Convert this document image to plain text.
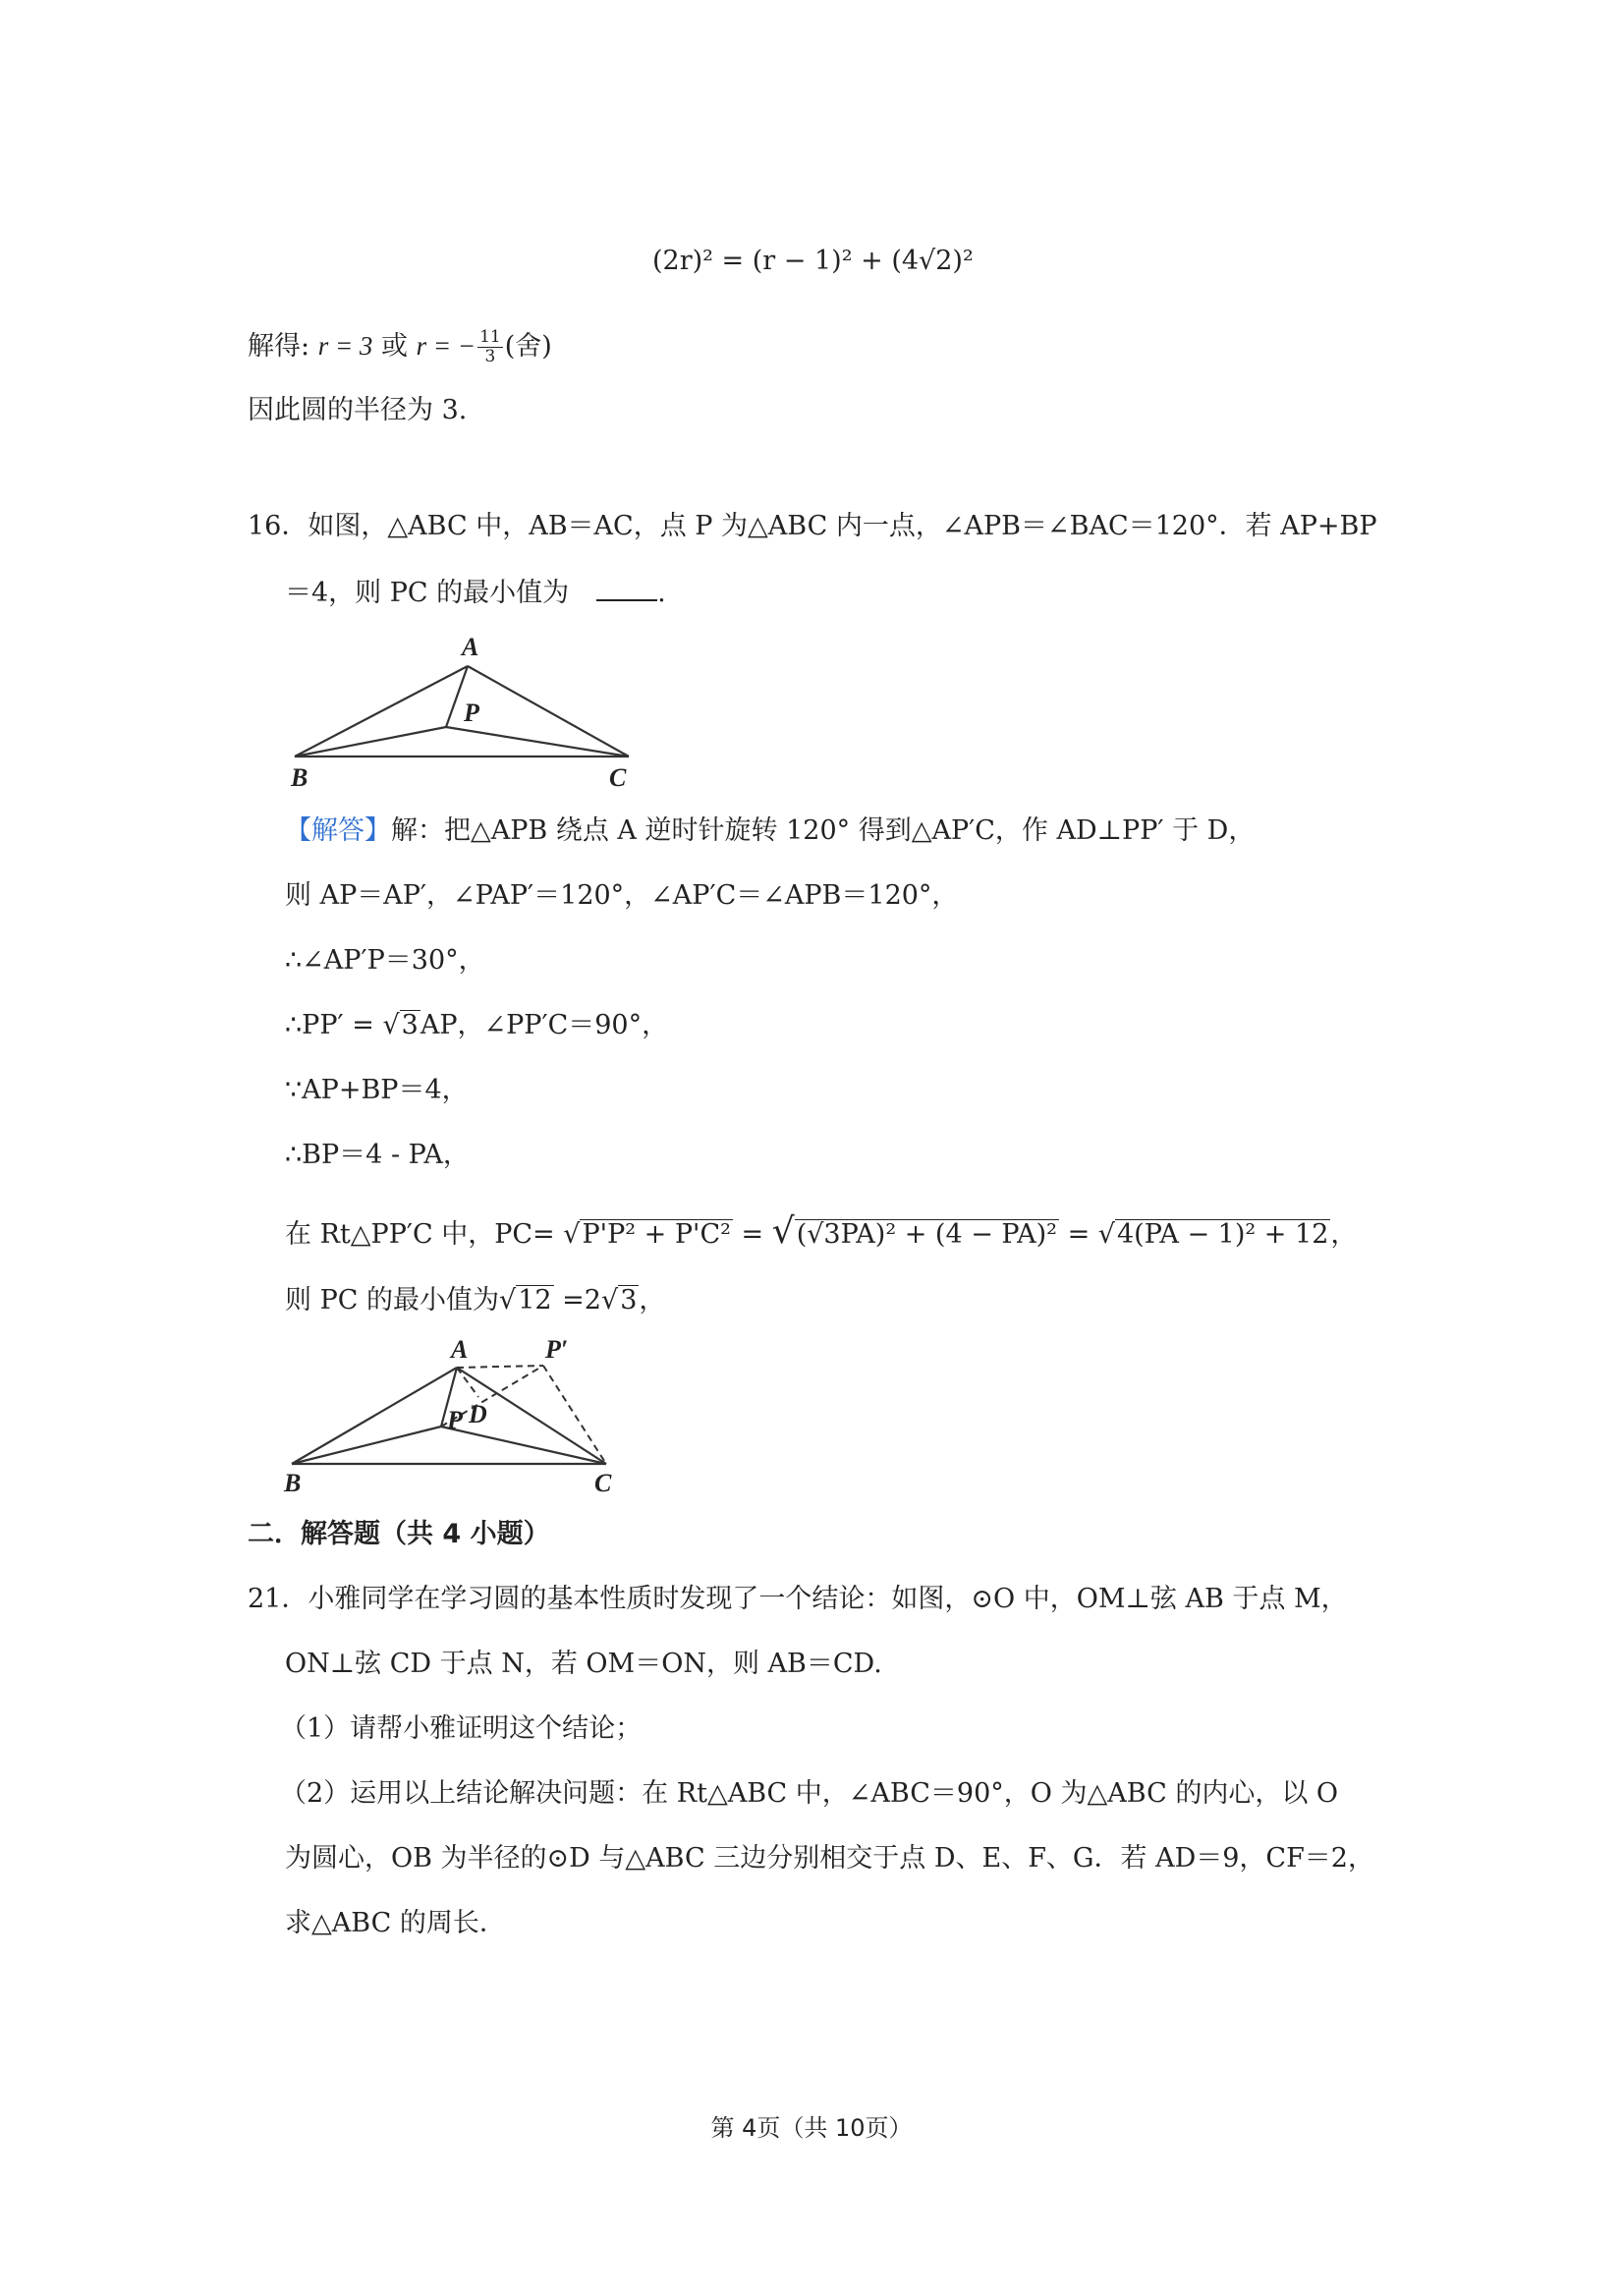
(2r)² = (r − 1)² + (4√2)²
解得: r = 3 或 r = − $\frac{11}{3}$ (舍)
因此圆的半径为 3.
16．如图，△ABC 中，AB＝AC，点 P 为△ABC 内一点，∠APB＝∠BAC＝120°．若 AP+BP
＝4，则 PC 的最小值为	.
A
P
B	C
【解答】解：把△APB 绕点 A 逆时针旋转 120° 得到△AP′C，作 AD⊥PP′ 于 D，
则 AP＝AP′，∠PAP′＝120°，∠AP′C＝∠APB＝120°，
∴∠AP′P＝30°，
∴PP′ = √3AP，∠PP′C＝90°，
∵AP+BP＝4，
∴BP＝4 - PA，
在 Rt△PP′C 中，PC= √P'P² + P'C² = √(√3PA)² + (4 − PA)² = √4(PA − 1)² + 12，
则 PC 的最小值为√12 =2√3，
A	P′
P D
B	C
二．解答题（共 4 小题）
21．小雅同学在学习圆的基本性质时发现了一个结论：如图，⊙O 中，OM⊥弦 AB 于点 M，
ON⊥弦 CD 于点 N，若 OM＝ON，则 AB＝CD.
（1）请帮小雅证明这个结论；
（2）运用以上结论解决问题：在 Rt△ABC 中，∠ABC＝90°，O 为△ABC 的内心，以 O
为圆心，OB 为半径的⊙D 与△ABC 三边分别相交于点 D、E、F、G．若 AD＝9，CF＝2，
求△ABC 的周长．
第 4页（共 10页）
